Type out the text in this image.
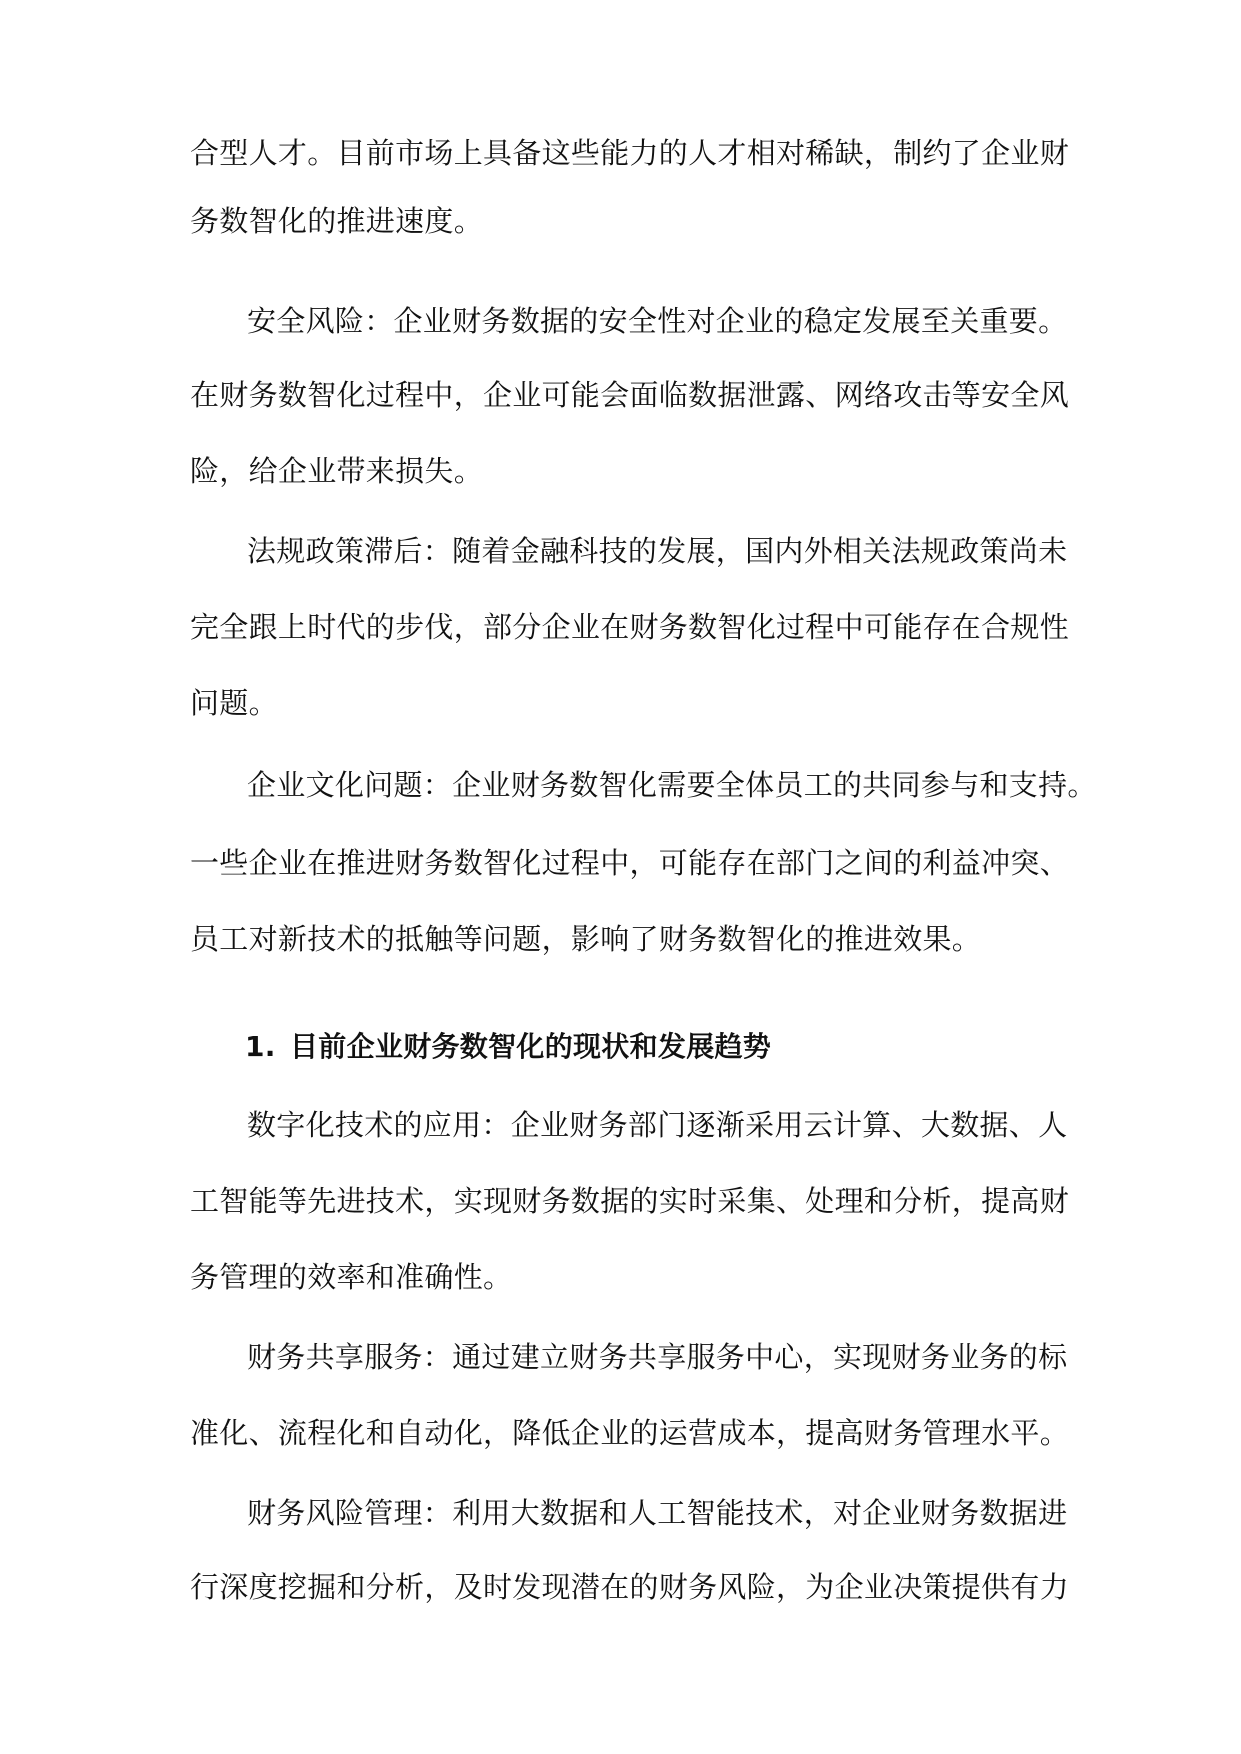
合型人才。目前市场上具备这些能力的人才相对稀缺，制约了企业财
务数智化的推进速度。
安全风险：企业财务数据的安全性对企业的稳定发展至关重要。
在财务数智化过程中，企业可能会面临数据泄露、网络攻击等安全风
险，给企业带来损失。
法规政策滞后：随着金融科技的发展，国内外相关法规政策尚未
完全跟上时代的步伐，部分企业在财务数智化过程中可能存在合规性
问题。
企业文化问题：企业财务数智化需要全体员工的共同参与和支持。
一些企业在推进财务数智化过程中，可能存在部门之间的利益冲突、
员工对新技术的抵触等问题，影响了财务数智化的推进效果。
1. 目前企业财务数智化的现状和发展趋势
数字化技术的应用：企业财务部门逐渐采用云计算、大数据、人
工智能等先进技术，实现财务数据的实时采集、处理和分析，提高财
务管理的效率和准确性。
财务共享服务：通过建立财务共享服务中心，实现财务业务的标
准化、流程化和自动化，降低企业的运营成本，提高财务管理水平。
财务风险管理：利用大数据和人工智能技术，对企业财务数据进
行深度挖掘和分析，及时发现潜在的财务风险，为企业决策提供有力
